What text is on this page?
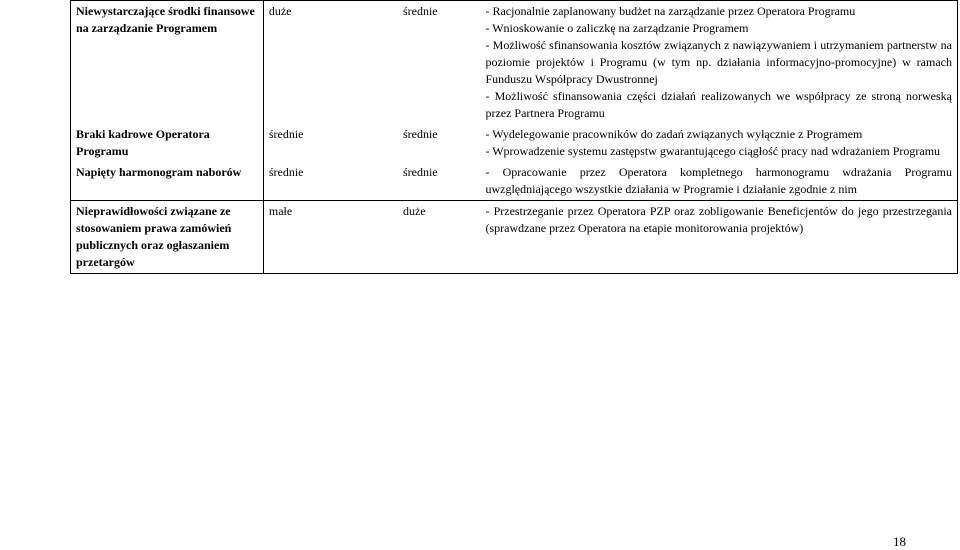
Niewystarczające środki finansowe na zarządzanie Programem	duże	średnie	- Racjonalnie zaplanowany budżet na zarządzanie przez Operatora Programu
- Wnioskowanie o zaliczkę na zarządzanie Programem
- Możliwość sfinansowania kosztów związanych z nawiązywaniem i utrzymaniem partnerstw na poziomie projektów i Programu (w tym np. działania informacyjno-promocyjne) w ramach Funduszu Współpracy Dwustronnej
- Możliwość sfinansowania części działań realizowanych we współpracy ze stroną norweską przez Partnera Programu

Braki kadrowe Operatora Programu	średnie	średnie	- Wydelegowanie pracowników do zadań związanych wyłącznie z Programem
- Wprowadzenie systemu zastępstw gwarantującego ciągłość pracy nad wdrażaniem Programu

Napięty harmonogram naborów	średnie	średnie	- Opracowanie przez Operatora kompletnego harmonogramu wdrażania Programu uwzględniającego wszystkie działania w Programie i działanie zgodnie z nim

Nieprawidłowości związane ze stosowaniem prawa zamówień publicznych oraz ogłaszaniem przetargów	małe	duże	- Przestrzeganie przez Operatora PZP oraz zobligowanie Beneficjentów do jego przestrzegania (sprawdzane przez Operatora na etapie monitorowania projektów)
18
